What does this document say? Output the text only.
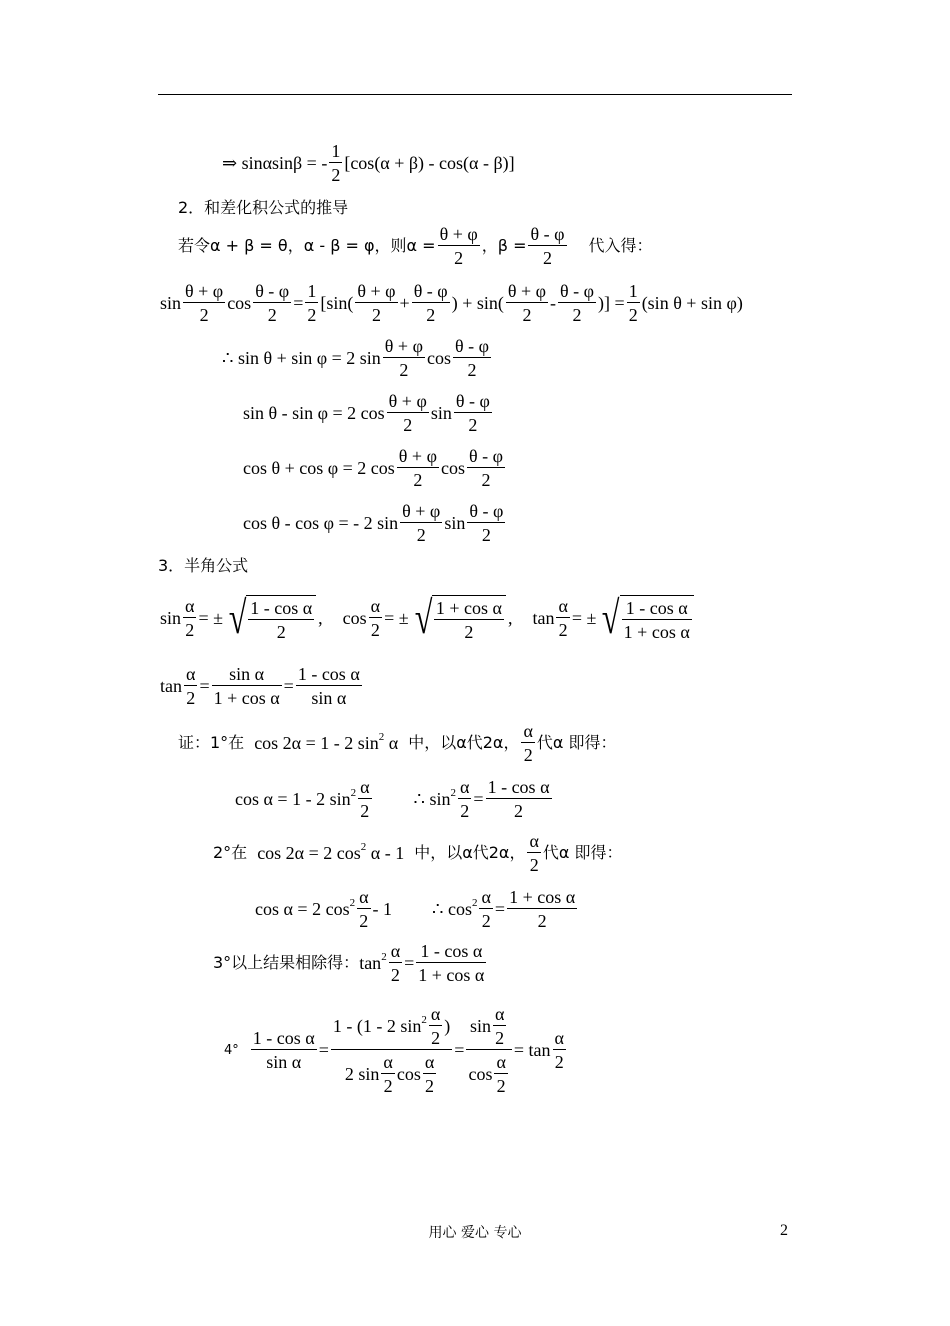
⇒ sinαsinβ = - $\frac{1}{2} [\cos(\alpha + \beta) - \cos(\alpha - \beta)]$
2．和差化积公式的推导
若令α + β = θ，α - β = φ，则$\alpha = \frac{\theta + \varphi}{2}$ ，$\beta = \frac{\theta - \varphi}{2}$ 代入得：
$\sin \frac{\theta + \varphi}{2}$ $\cos \frac{\theta - \varphi}{2} = \frac{1}{2} [\sin( \frac{\theta + \varphi}{2} + \frac{\theta - \varphi}{2}$ ) + $\sin( \frac{\theta + \varphi}{2} - \frac{\theta - \varphi}{2}$ )] = $\frac{1}{2} (\sin$ θ + sin φ)
∴ sin θ + sin φ = 2 $\sin \frac{\theta + \varphi}{2}$ $\cos \frac{\theta - \varphi}{2}$
sin θ - sin φ = 2 $\cos \frac{\theta + \varphi}{2}$ $\sin \frac{\theta - \varphi}{2}$
cos θ + cos φ = 2 $\cos \frac{\theta + \varphi}{2}$ $\cos \frac{\theta - \varphi}{2}$
cos θ - cos φ = - 2 $\sin \frac{\theta + \varphi}{2}$ $\sin \frac{\theta - \varphi}{2}$
3．半角公式
$\sin \frac{\alpha}{2}$ = ± √ $\frac{\text{1 - cos α}}{2}$ , $\cos \frac{\alpha}{2}$ = ± √ $\frac{\text{1 + cos α}}{2}$ , $\tan \frac{\alpha}{2}$ = ± √ $\frac{\text{1 - cos α}}{\text{1 + cos α}}$
$\tan \frac{\alpha}{2} = \frac{\text{sin α}}{\text{1 + cos α}} = \frac{\text{1 - cos α}}{\text{sin α}}$
证：1°在 cos 2α = 1 - 2 $\sin^2 \alpha$ 中，以α代2α， $\frac{\alpha}{2}$ 代α 即得：
cos α = 1 - 2 $\sin^2 \frac{\alpha}{2}$ ∴ $\sin^2 \frac{\alpha}{2} = \frac{\text{1 - cos α}}{2}$
2°在 cos 2α = 2 $\cos^2$
α - 1 中，以α代2α， $\frac{\alpha}{2}$ 代α 即得：
cos α = 2 $\cos^2 \frac{\alpha}{2} - 1$ ∴ $\cos^2 \frac{\alpha}{2} = \frac{\text{1 + cos α}}{2}$
3°以上结果相除得： $\tan^2 \frac{\alpha}{2} = \frac{\text{1 - cos α}}{\text{1 + cos α}}$
$4^\circ \frac{\text{1 - cos α}}{\text{sin α}} = \frac{1 - (1 - 2 \sin^2 \frac{\alpha}{2} )}{2 \sin \frac{\alpha}{2} \cos \frac{\alpha}{2}} = \frac{\sin \frac{\alpha}{2}}{\cos \frac{\alpha}{2}} = \tan \frac{\alpha}{2}$
用心 爱心 专心	2
